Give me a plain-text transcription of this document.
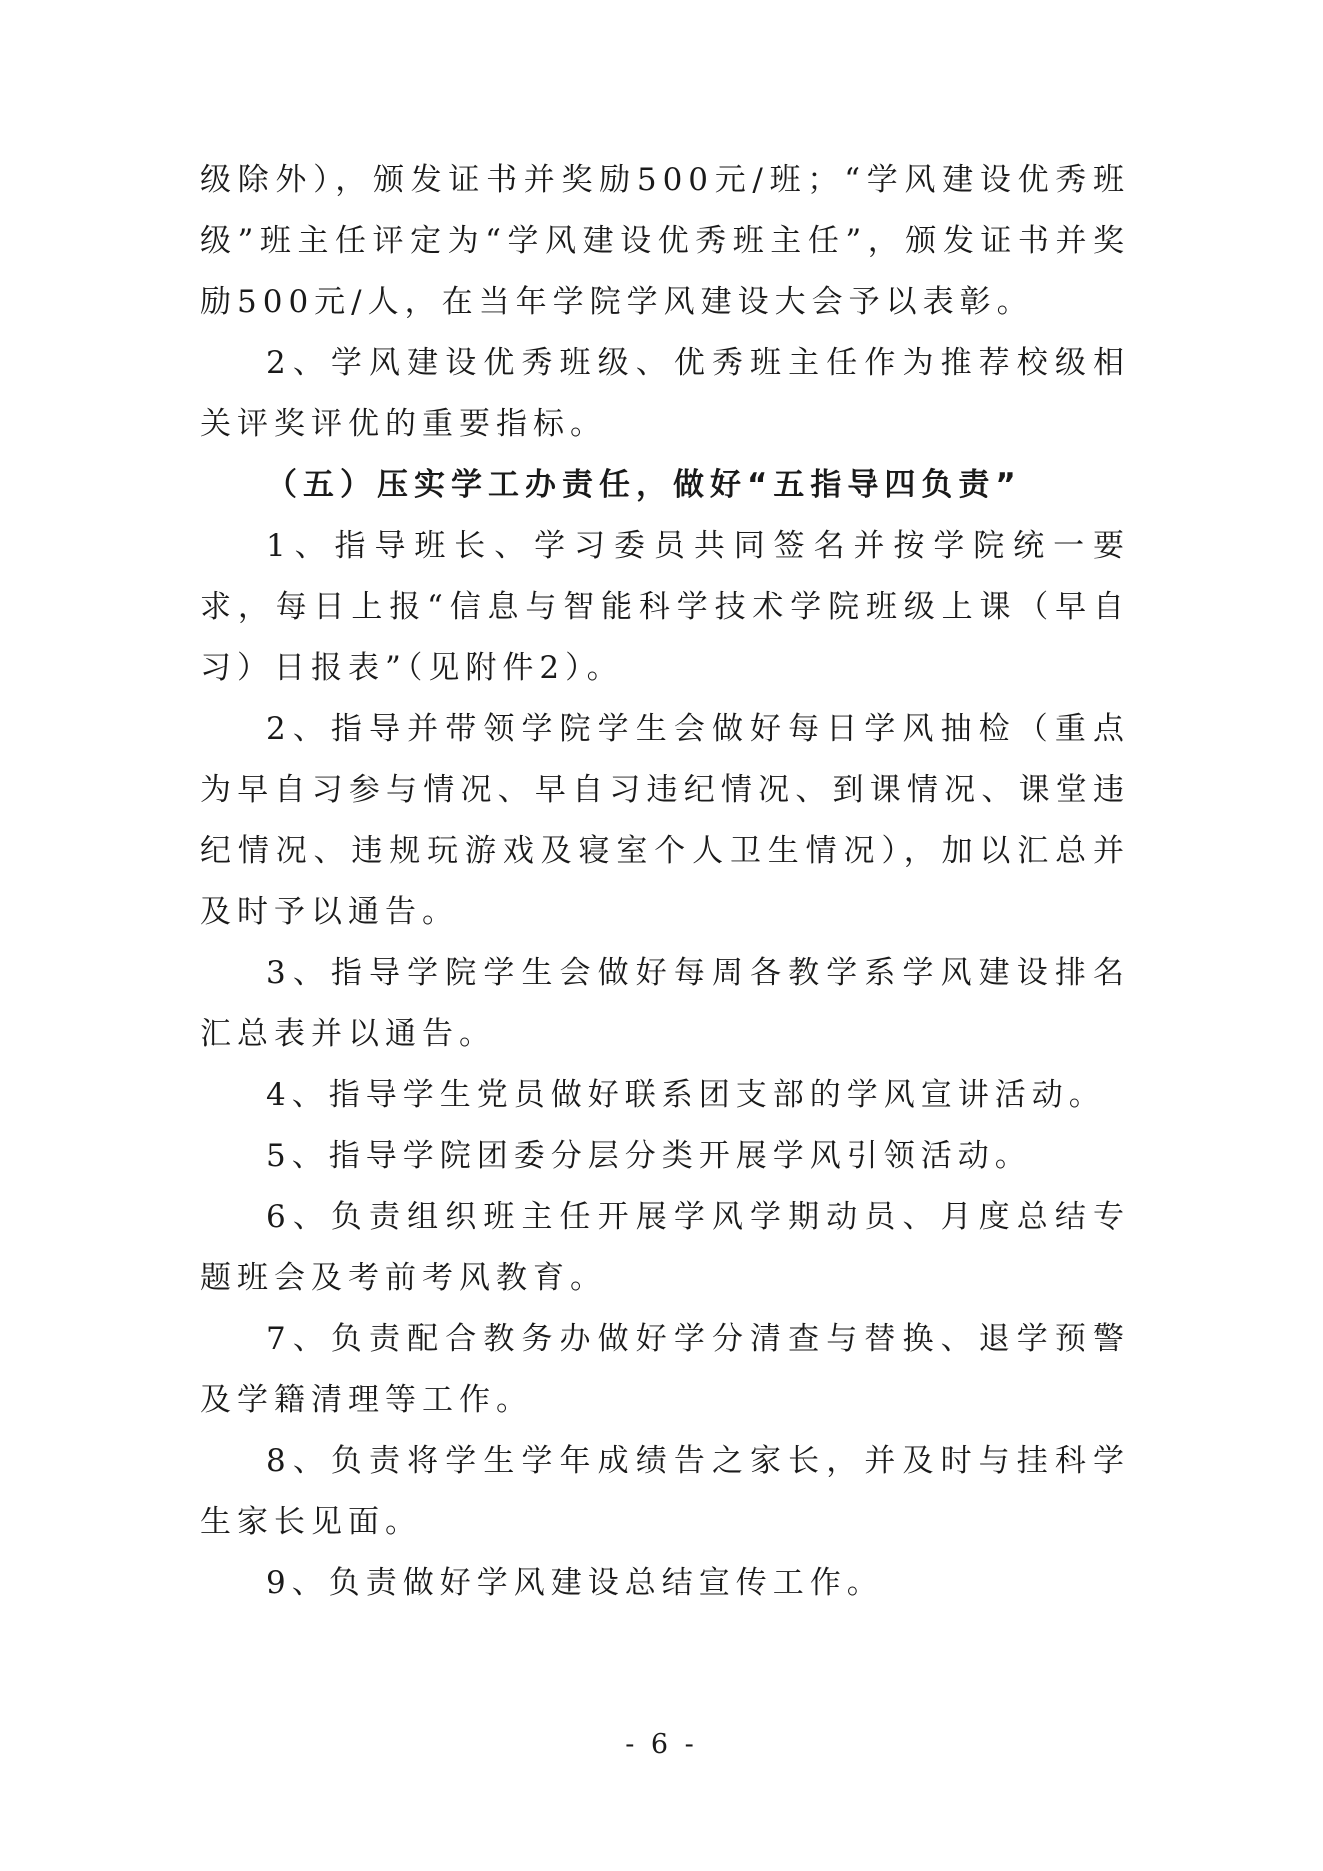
级除外），颁发证书并奖励500元/班；“学风建设优秀班级”班主任评定为“学风建设优秀班主任”，颁发证书并奖励500元/人，在当年学院学风建设大会予以表彰。

2、学风建设优秀班级、优秀班主任作为推荐校级相关评奖评优的重要指标。

（五）压实学工办责任，做好“五指导四负责”

1、指导班长、学习委员共同签名并按学院统一要求，每日上报“信息与智能科学技术学院班级上课（早自习）日报表”（见附件2）。

2、指导并带领学院学生会做好每日学风抽检（重点为早自习参与情况、早自习违纪情况、到课情况、课堂违纪情况、违规玩游戏及寝室个人卫生情况），加以汇总并及时予以通告。

3、指导学院学生会做好每周各教学系学风建设排名汇总表并以通告。

4、指导学生党员做好联系团支部的学风宣讲活动。

5、指导学院团委分层分类开展学风引领活动。

6、负责组织班主任开展学风学期动员、月度总结专题班会及考前考风教育。

7、负责配合教务办做好学分清查与替换、退学预警及学籍清理等工作。

8、负责将学生学年成绩告之家长，并及时与挂科学生家长见面。

9、负责做好学风建设总结宣传工作。

- 6 -
